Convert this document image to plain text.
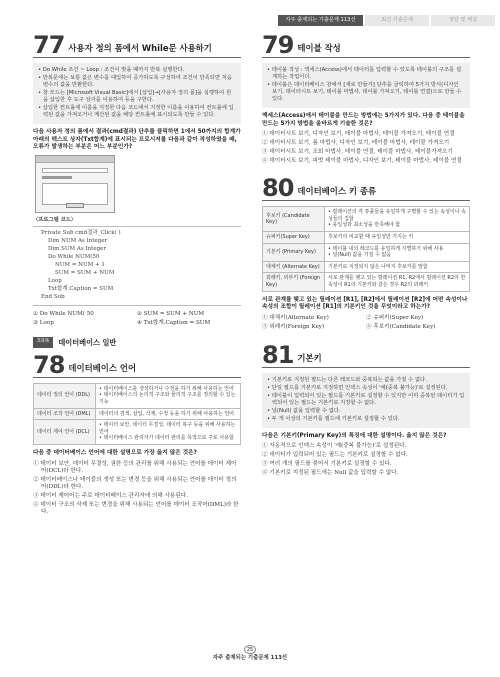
자주 출제되는 기출문제 113선	최신 기출문제	정답 및 해설
77 사용자 정의 폼에서 While문 사용하기
• Do While 조건 ~ Loop : 조건이 맞을 때까지 반복 실행한다.
• 반복문에는 보통 값은 변수를 대입하여 증가하도록 구성하여 조건이 만족되면 처음 변수의 값을 반환한다.
• 창 모드는 [Microsoft Visual Basic]에서 [삽입]→[사용자 정의 폼]을 실행하여 원을 삽입한 후 도구 상자를 이용하여 등을 구한다.
• 삽입한 컨트롤에 이름을 지정한 다음 코드에서 지정한 이름을 이용하여 컨트롤에 입력된 값을 가져오거나 계산된 값을 해당 컨트롤에 표시되도록 만들 수 있다.
다음 사용자 정의 폼에서 결과(cmd결과) 단추를 클릭하면 1에서 50까지의 합계가 아래의 텍스트 상자(Txt합계)에 표시되는 프로시저를 다음과 같이 작성하였을 때, 오류가 발생하는 부분은 어느 부분인가?
〈프로그램 코드〉
Private Sub cmd결과_Click( )
Dim NUM As Integer
Dim SUM As Integer
Do While NUM(50
NUM = NUM + 1
SUM = SUM + NUM
Loop
Txt합계.Caption = SUM
End Sub
① Do While NUM( 50	② SUM = SUM + NUM
③ Loop	④ Txt합계.Caption = SUM
3과목	데이터베이스 일반
78 데이터베이스 언어
데이터 정의 언어 (DDL)	• 데이터베이스를 생성하거나 수정을 하기 위해 사용하는 언어
• 데이터베이스의 논리적 구조와 물리적 구조를 정의할 수 있는 기능
데이터 조작 언어 (DML)	데이터의 검색, 삽입, 삭제, 수정 등을 하기 위해 사용하는 언어
데이터 제어 언어 (DCL)	• 데이터 보안, 데이터 무결성, 데이터 복구 등을 위해 사용하는 언어
• 데이터베이스 관리자가 데이터 관리를 목적으로 주로 사용함
다음 중 데이터베이스 언어에 대한 설명으로 가장 옳지 않은 것은?
① 데이터 보안, 데이터 무결성, 권한 등의 관리를 위해 사용되는 언어를 데이터 제어어(DCL)라 한다.
② 데이터베이스나 테이블의 생성 또는 변경 등을 위해 사용되는 언어를 데이터 정의어(DDL)라 한다.
③ 데이터 제어어는 주로 데이터베이스 관리자에 의해 사용된다.
④ 데이터 구조의 삭제 또는 변경을 위해 사용되는 언어를 데이터 조작어(DML)라 한다.
79 테이블 작성
• 테이블 작성 : 액세스(Access)에서 데이터를 입력할 수 있도록 테이블의 구조를 설계하는 작업이다.
• 테이블은 데이터베이스 창에서 [새로 만들기] 단추를 클릭하여 5가지 방식(디자인 보기, 데이터시트 보기, 테이블 마법사, 테이블 가져오기, 테이블 연결)으로 만들 수 있다.
액세스(Access)에서 테이블을 만드는 방법에는 5가지가 있다. 다음 중 테이블을 만드는 5가지 방법을 올바르게 기술한 것은?
① 데이터시트 보기, 디자인 보기, 테이블 마법사, 테이블 가져오기, 테이블 연결
② 데이터시트 보기, 폼 마법사, 디자인 보기, 테이블 마법사, 테이블 가져오기
③ 데이터시트 보기, 조회 마법사, 테이블 연결, 테이블 마법사, 테이블가져오기
④ 데이터시트 보기, 피벗 테이블 마법사, 디자인 보기, 테이블 마법사, 테이블 연결
80 데이터베이스 키 종류
후보키 (Candidate Key)	• 릴레이션의 각 튜플들을 유일하게 구별할 수 있는 속성이나 속성들의 집합
• 유일성과 최소성을 만족해야 함
슈퍼키(Super Key)	후보키의 비교할 때 유일성만 가지는 키
기본키 (Primary Key)	• 테이블 내의 레코드를 유일하게 식별하기 위해 사용
• 널(Null) 값을 가질 수 없음
대체키 (Alternate Key)	기본키로 지정되지 않은 나머지 후보키를 말함
외래키, 외부키 (Foreign Key)	서로 관계를 맺고 있는 릴레이션 R1, R2에서 릴레이션 R2의 한 속성이 R1의 기본키와 같은 경우 R2의 외래키
서로 관계를 맺고 있는 릴레이션 [R1], [R2]에서 릴레이션 [R2]에 어떤 속성이나 속성의 조합이 릴레이션 [R1]의 기본키인 것을 무엇이라고 하는가?
① 대체키(Alternate Key)	② 슈퍼키(Super Key)
③ 외래키(Foreign Key)	④ 후보키(Candidate Key)
81 기본키
• 기본키로 지정된 필드는 다른 레코드와 중복되는 값을 가질 수 없다.
• 단일 필드를 기본키로 지정하면 인덱스 속성이 '예(중복 불가능)'로 설정된다.
• 테이블이 입력되어 있는 필드를 기본키로 설정할 수 있지만 이미 중복된 데이터가 입력되어 있는 필드는 기본키로 지정할 수 없다.
• 널(Null) 값을 입력할 수 없다.
• 두 개 이상의 기본키를 필드에 기본키로 설정할 수 있다.
다음은 기본키(Primary Key)의 특징에 대한 설명이다. 옳지 않은 것은?
① 자동적으로 인덱스 속성이 '예(중복 불가능)'로 설정된다.
② 데이터가 입력되어 있는 필드는 기본키로 설정할 수 없다.
③ 여러 개의 필드를 묶어서 기본키로 설정할 수 있다.
④ 기본키로 지정된 필드에는 Null 값을 입력할 수 없다.
25
자주 출제되는 기출문제 113선
